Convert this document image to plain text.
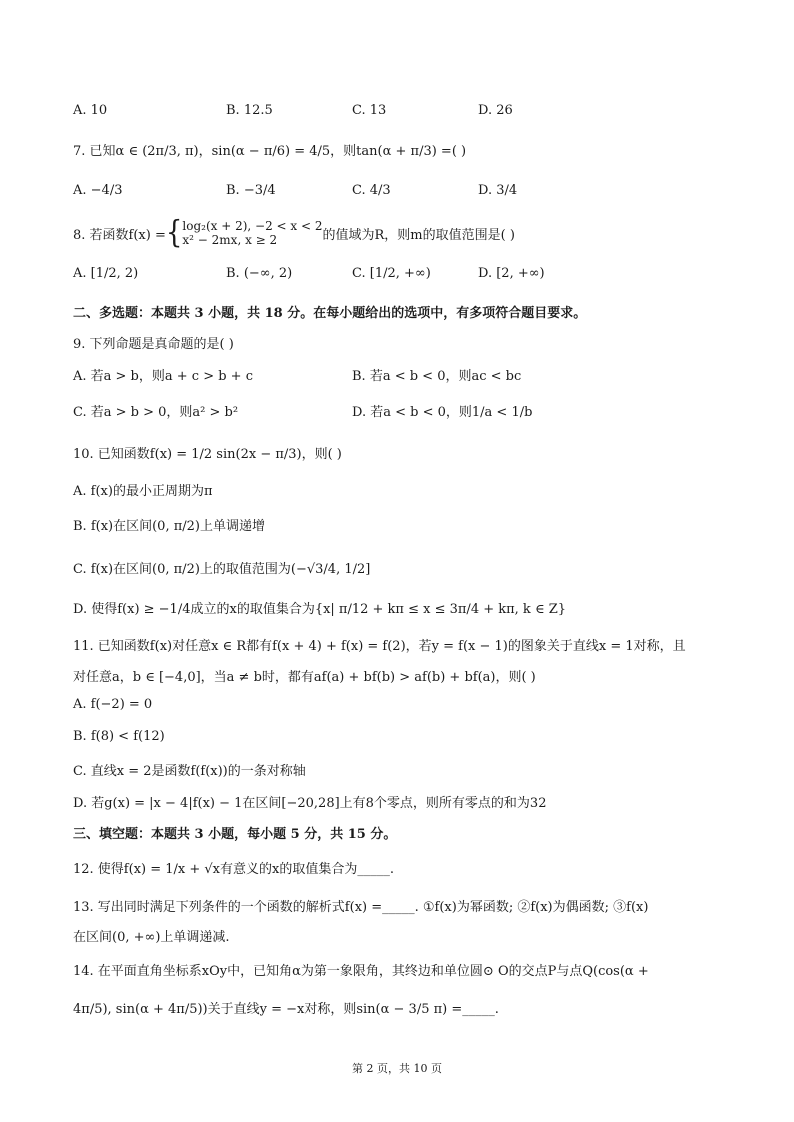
A. 10	B. 12.5	C. 13	D. 26
7. 已知α ∈ (2π/3, π)，sin(α − π/6) = 4/5，则tan(α + π/3) =( )
A. −4/3	B. −3/4	C. 4/3	D. 3/4
8. 若函数f(x) = { log₂(x + 2), −2 < x < 2
x² − 2mx, x ≥ 2	的值域为R，则m的取值范围是( )
A. [1/2, 2)	B. (−∞, 2)	C. [1/2, +∞)	D. [2, +∞)
二、多选题：本题共 3 小题，共 18 分。在每小题给出的选项中，有多项符合题目要求。
9. 下列命题是真命题的是( )
A. 若a > b，则a + c > b + c	B. 若a < b < 0，则ac < bc
C. 若a > b > 0，则a² > b²	D. 若a < b < 0，则1/a < 1/b
10. 已知函数f(x) = 1/2 sin(2x − π/3)，则( )
A. f(x)的最小正周期为π
B. f(x)在区间(0, π/2)上单调递增
C. f(x)在区间(0, π/2)上的取值范围为(−√3/4, 1/2]
D. 使得f(x) ≥ −1/4成立的x的取值集合为{x| π/12 + kπ ≤ x ≤ 3π/4 + kπ, k ∈ Z}
11. 已知函数f(x)对任意x ∈ R都有f(x + 4) + f(x) = f(2)，若y = f(x − 1)的图象关于直线x = 1对称，且
对任意a，b ∈ [−4,0]，当a ≠ b时，都有af(a) + bf(b) > af(b) + bf(a)，则( )
A. f(−2) = 0
B. f(8) < f(12)
C. 直线x = 2是函数f(f(x))的一条对称轴
D. 若g(x) = |x − 4|f(x) − 1在区间[−20,28]上有8个零点，则所有零点的和为32
三、填空题：本题共 3 小题，每小题 5 分，共 15 分。
12. 使得f(x) = 1/x + √x有意义的x的取值集合为_____.
13. 写出同时满足下列条件的一个函数的解析式f(x) =_____. ①f(x)为幂函数; ②f(x)为偶函数; ③f(x)
在区间(0, +∞)上单调递减.
14. 在平面直角坐标系xOy中，已知角α为第一象限角，其终边和单位圆⊙ O的交点P与点Q(cos(α +
4π/5), sin(α + 4π/5))关于直线y = −x对称，则sin(α − 3/5 π) =_____.
第 2 页，共 10 页
